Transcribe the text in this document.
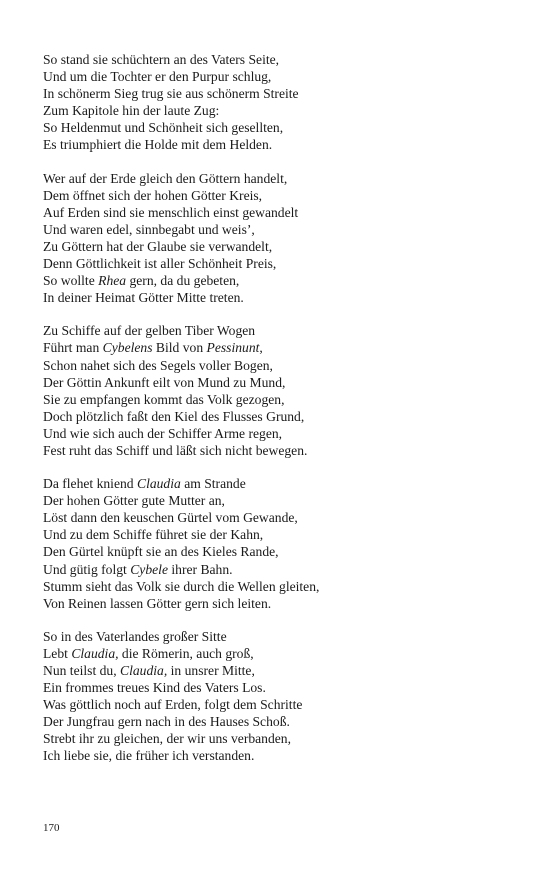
So stand sie schüchtern an des Vaters Seite,
Und um die Tochter er den Purpur schlug,
In schönerm Sieg trug sie aus schönerm Streite
Zum Kapitole hin der laute Zug:
So Heldenmut und Schönheit sich gesellten,
Es triumphiert die Holde mit dem Helden.
Wer auf der Erde gleich den Göttern handelt,
Dem öffnet sich der hohen Götter Kreis,
Auf Erden sind sie menschlich einst gewandelt
Und waren edel, sinnbegabt und weis’,
Zu Göttern hat der Glaube sie verwandelt,
Denn Göttlichkeit ist aller Schönheit Preis,
So wollte Rhea gern, da du gebeten,
In deiner Heimat Götter Mitte treten.
Zu Schiffe auf der gelben Tiber Wogen
Führt man Cybelens Bild von Pessinunt,
Schon nahet sich des Segels voller Bogen,
Der Göttin Ankunft eilt von Mund zu Mund,
Sie zu empfangen kommt das Volk gezogen,
Doch plötzlich faßt den Kiel des Flusses Grund,
Und wie sich auch der Schiffer Arme regen,
Fest ruht das Schiff und läßt sich nicht bewegen.
Da flehet kniend Claudia am Strande
Der hohen Götter gute Mutter an,
Löst dann den keuschen Gürtel vom Gewande,
Und zu dem Schiffe führet sie der Kahn,
Den Gürtel knüpft sie an des Kieles Rande,
Und gütig folgt Cybele ihrer Bahn.
Stumm sieht das Volk sie durch die Wellen gleiten,
Von Reinen lassen Götter gern sich leiten.
So in des Vaterlandes großer Sitte
Lebt Claudia, die Römerin, auch groß,
Nun teilst du, Claudia, in unsrer Mitte,
Ein frommes treues Kind des Vaters Los.
Was göttlich noch auf Erden, folgt dem Schritte
Der Jungfrau gern nach in des Hauses Schoß.
Strebt ihr zu gleichen, der wir uns verbanden,
Ich liebe sie, die früher ich verstanden.
170
